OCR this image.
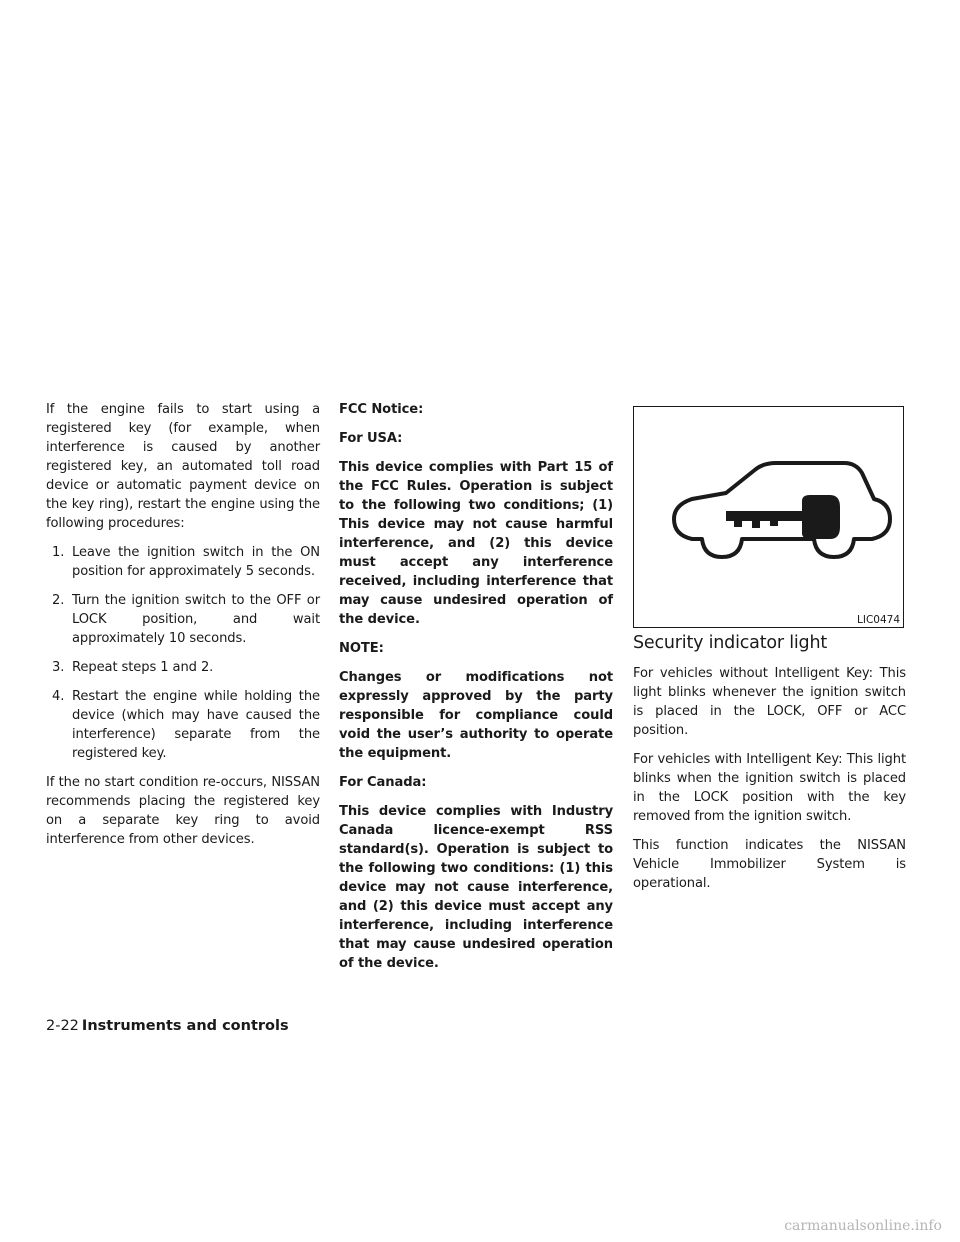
If the engine fails to start using a registered key (for example, when interference is caused by another registered key, an automated toll road device or automatic payment device on the key ring), restart the engine using the following procedures:

1. Leave the ignition switch in the ON position for approximately 5 seconds.
2. Turn the ignition switch to the OFF or LOCK position, and wait approximately 10 seconds.
3. Repeat steps 1 and 2.
4. Restart the engine while holding the device (which may have caused the interference) separate from the registered key.

If the no start condition re-occurs, NISSAN recommends placing the registered key on a separate key ring to avoid interference from other devices.

FCC Notice:

For USA:

This device complies with Part 15 of the FCC Rules. Operation is subject to the following two conditions; (1) This device may not cause harmful interference, and (2) this device must accept any interference received, including interference that may cause undesired operation of the device.

NOTE:

Changes or modifications not expressly approved by the party responsible for compliance could void the user’s authority to operate the equipment.

For Canada:

This device complies with Industry Canada licence-exempt RSS standard(s). Operation is subject to the following two conditions: (1) this device may not cause interference, and (2) this device must accept any interference, including interference that may cause undesired operation of the device.

LIC0474
Security indicator light

For vehicles without Intelligent Key: This light blinks whenever the ignition switch is placed in the LOCK, OFF or ACC position.

For vehicles with Intelligent Key: This light blinks when the ignition switch is placed in the LOCK position with the key removed from the ignition switch.

This function indicates the NISSAN Vehicle Immobilizer System is operational.

2-22 Instruments and controls
carmanualsonline.info
